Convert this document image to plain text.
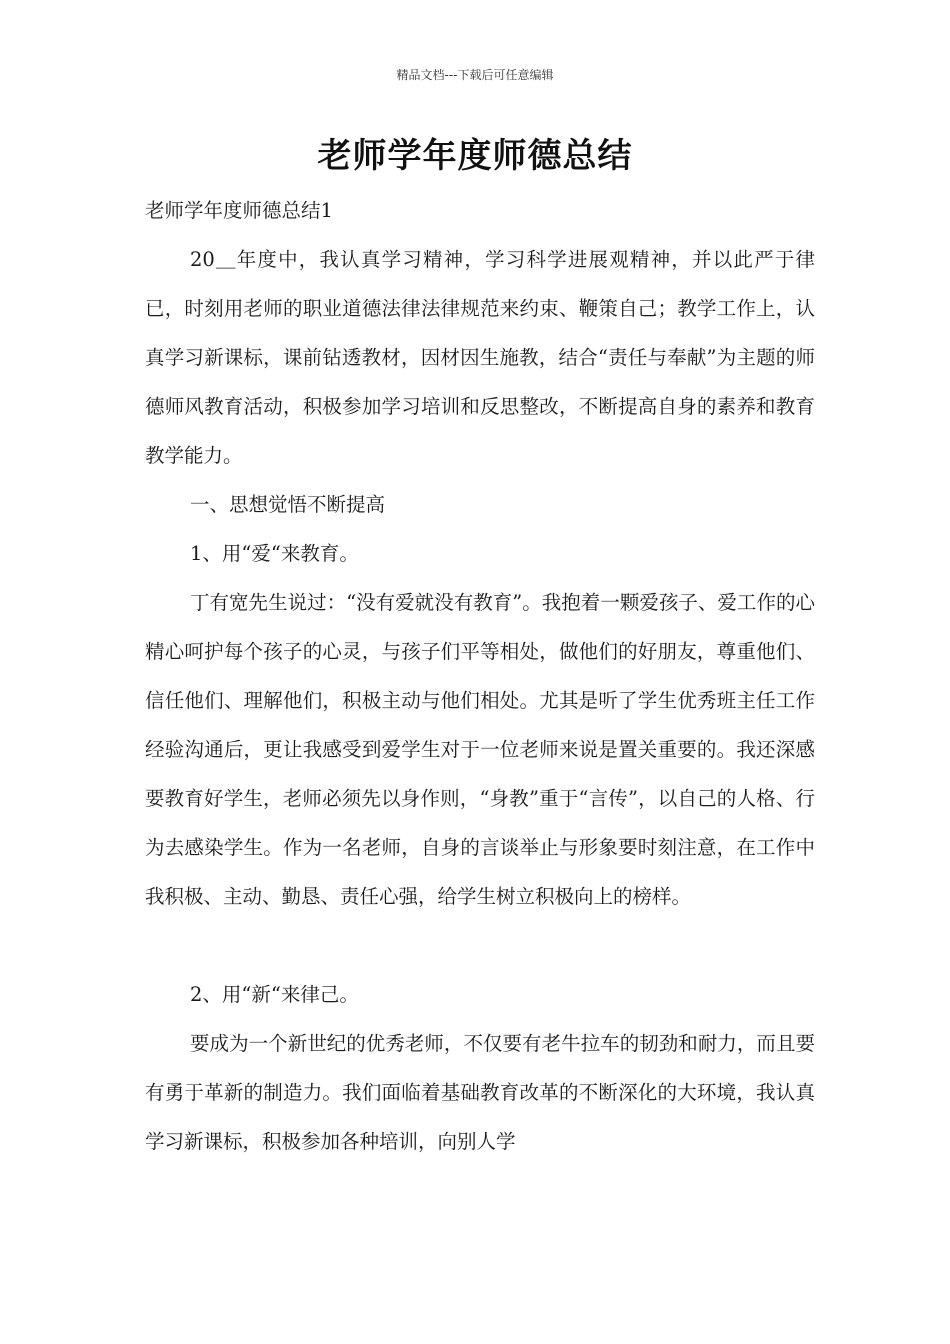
精品文档---下载后可任意编辑
老师学年度师德总结

老师学年度师德总结1

20＿年度中，我认真学习精神，学习科学进展观精神，并以此严于律已，时刻用老师的职业道德法律法律规范来约束、鞭策自己；教学工作上，认真学习新课标，课前钻透教材，因材因生施教，结合“责任与奉献”为主题的师德师风教育活动，积极参加学习培训和反思整改，不断提高自身的素养和教育教学能力。

一、思想觉悟不断提高

1、用“爱“来教育。

丁有宽先生说过：“没有爱就没有教育”。我抱着一颗爱孩子、爱工作的心精心呵护每个孩子的心灵，与孩子们平等相处，做他们的好朋友，尊重他们、信任他们、理解他们，积极主动与他们相处。尤其是听了学生优秀班主任工作经验沟通后，更让我感受到爱学生对于一位老师来说是置关重要的。我还深感要教育好学生，老师必须先以身作则，“身教”重于“言传”，以自己的人格、行为去感染学生。作为一名老师，自身的言谈举止与形象要时刻注意，在工作中我积极、主动、勤恳、责任心强，给学生树立积极向上的榜样。

2、用“新“来律己。

要成为一个新世纪的优秀老师，不仅要有老牛拉车的韧劲和耐力，而且要有勇于革新的制造力。我们面临着基础教育改革的不断深化的大环境，我认真学习新课标，积极参加各种培训，向别人学
